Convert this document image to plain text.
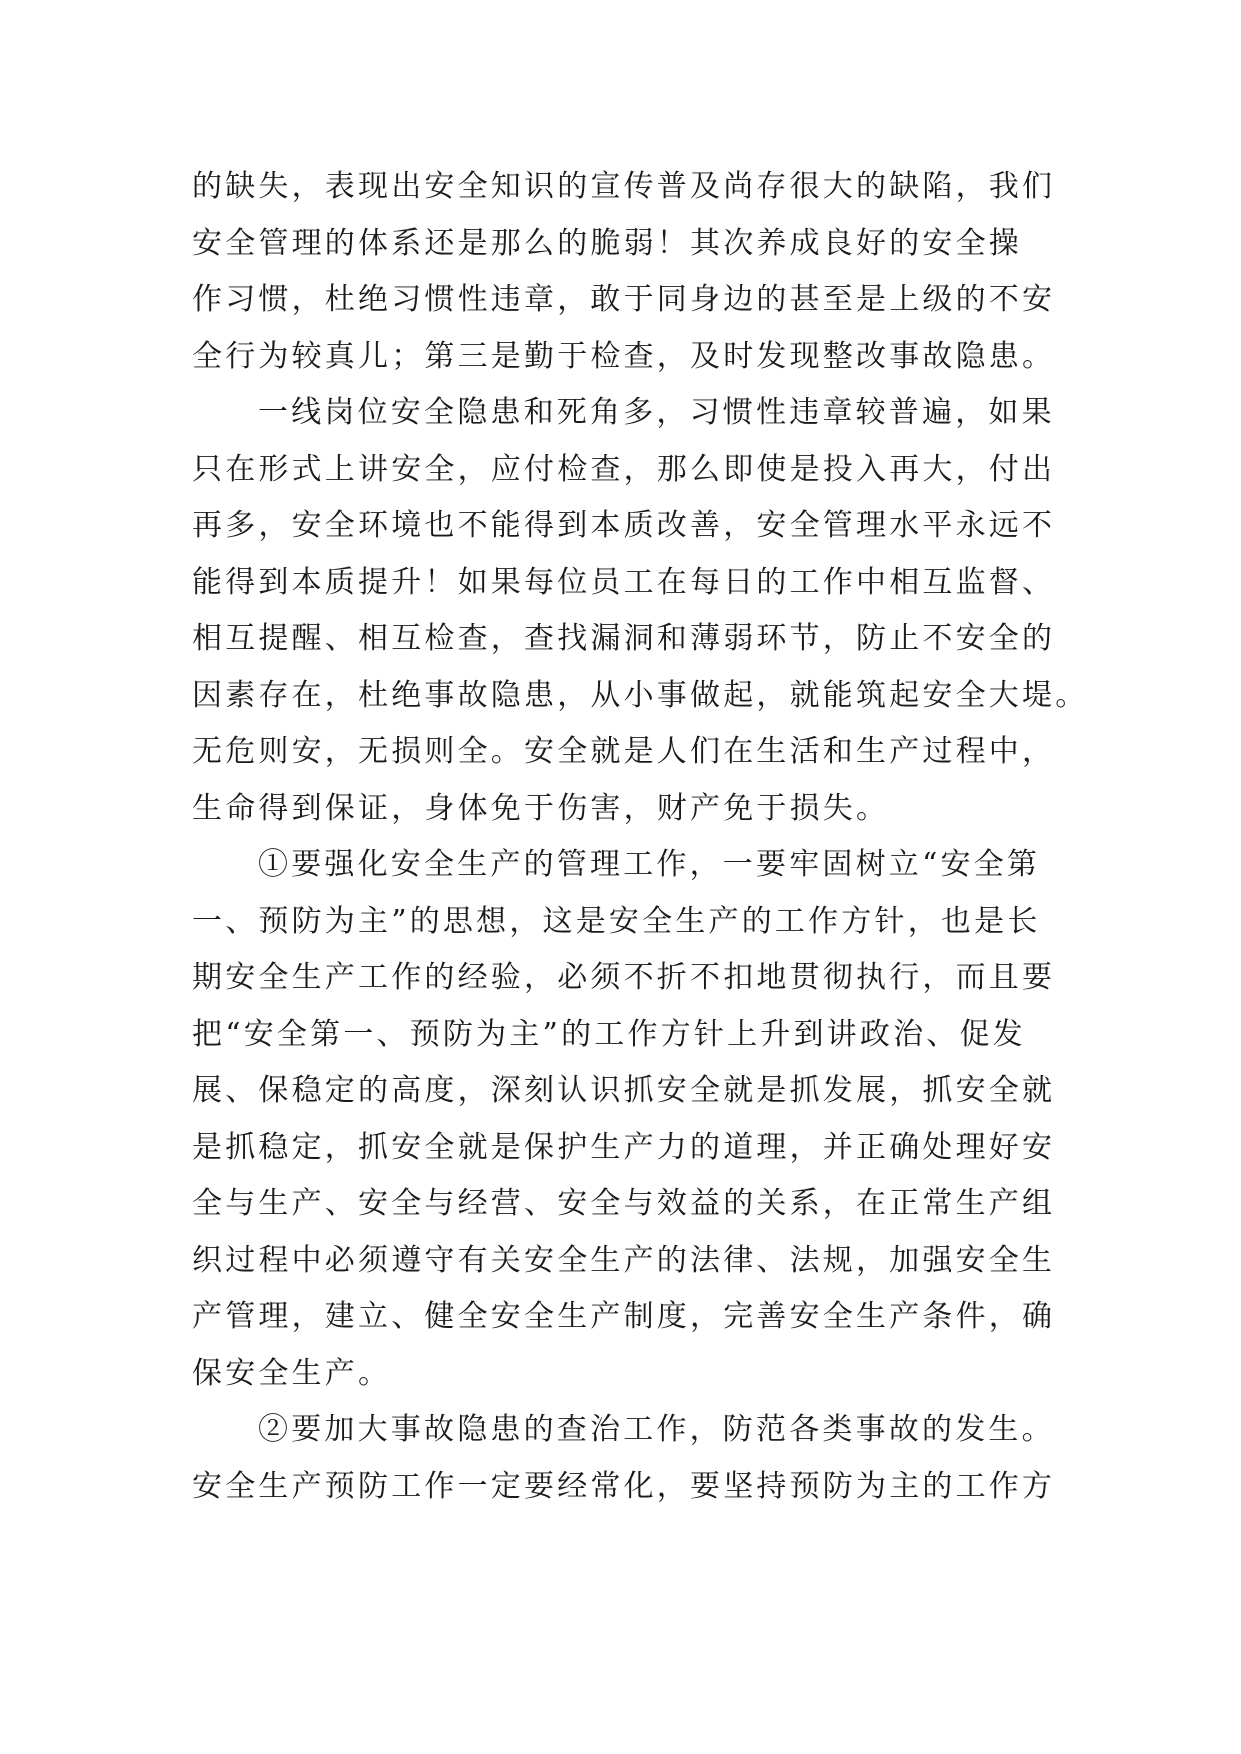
的缺失，表现出安全知识的宣传普及尚存很大的缺陷，我们
安全管理的体系还是那么的脆弱！其次养成良好的安全操
作习惯，杜绝习惯性违章，敢于同身边的甚至是上级的不安
全行为较真儿；第三是勤于检查，及时发现整改事故隐患。
一线岗位安全隐患和死角多，习惯性违章较普遍，如果
只在形式上讲安全，应付检查，那么即使是投入再大，付出
再多，安全环境也不能得到本质改善，安全管理水平永远不
能得到本质提升！如果每位员工在每日的工作中相互监督、
相互提醒、相互检查，查找漏洞和薄弱环节，防止不安全的
因素存在，杜绝事故隐患，从小事做起，就能筑起安全大堤。
无危则安，无损则全。安全就是人们在生活和生产过程中，
生命得到保证，身体免于伤害，财产免于损失。
①要强化安全生产的管理工作，一要牢固树立“安全第
一、预防为主”的思想，这是安全生产的工作方针，也是长
期安全生产工作的经验，必须不折不扣地贯彻执行，而且要
把“安全第一、预防为主”的工作方针上升到讲政治、促发
展、保稳定的高度，深刻认识抓安全就是抓发展，抓安全就
是抓稳定，抓安全就是保护生产力的道理，并正确处理好安
全与生产、安全与经营、安全与效益的关系，在正常生产组
织过程中必须遵守有关安全生产的法律、法规，加强安全生
产管理，建立、健全安全生产制度，完善安全生产条件，确
保安全生产。
②要加大事故隐患的查治工作，防范各类事故的发生。
安全生产预防工作一定要经常化，要坚持预防为主的工作方
